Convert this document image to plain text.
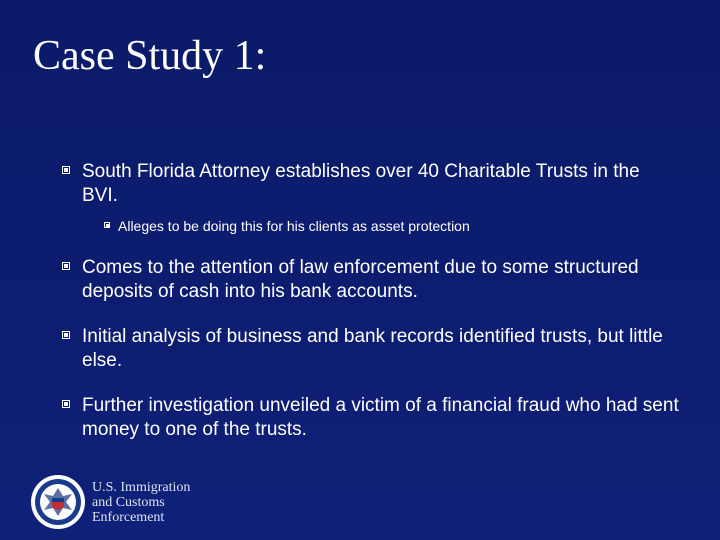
Case Study 1:
South Florida Attorney establishes over 40 Charitable Trusts in the BVI.
Alleges to be doing this for his clients as asset protection
Comes to the attention of law enforcement due to some structured deposits of cash into his bank accounts.
Initial analysis of business and bank records identified trusts, but little else.
Further investigation unveiled a victim of a financial fraud who had sent money to one of the trusts.
U.S. Immigration
and Customs
Enforcement
